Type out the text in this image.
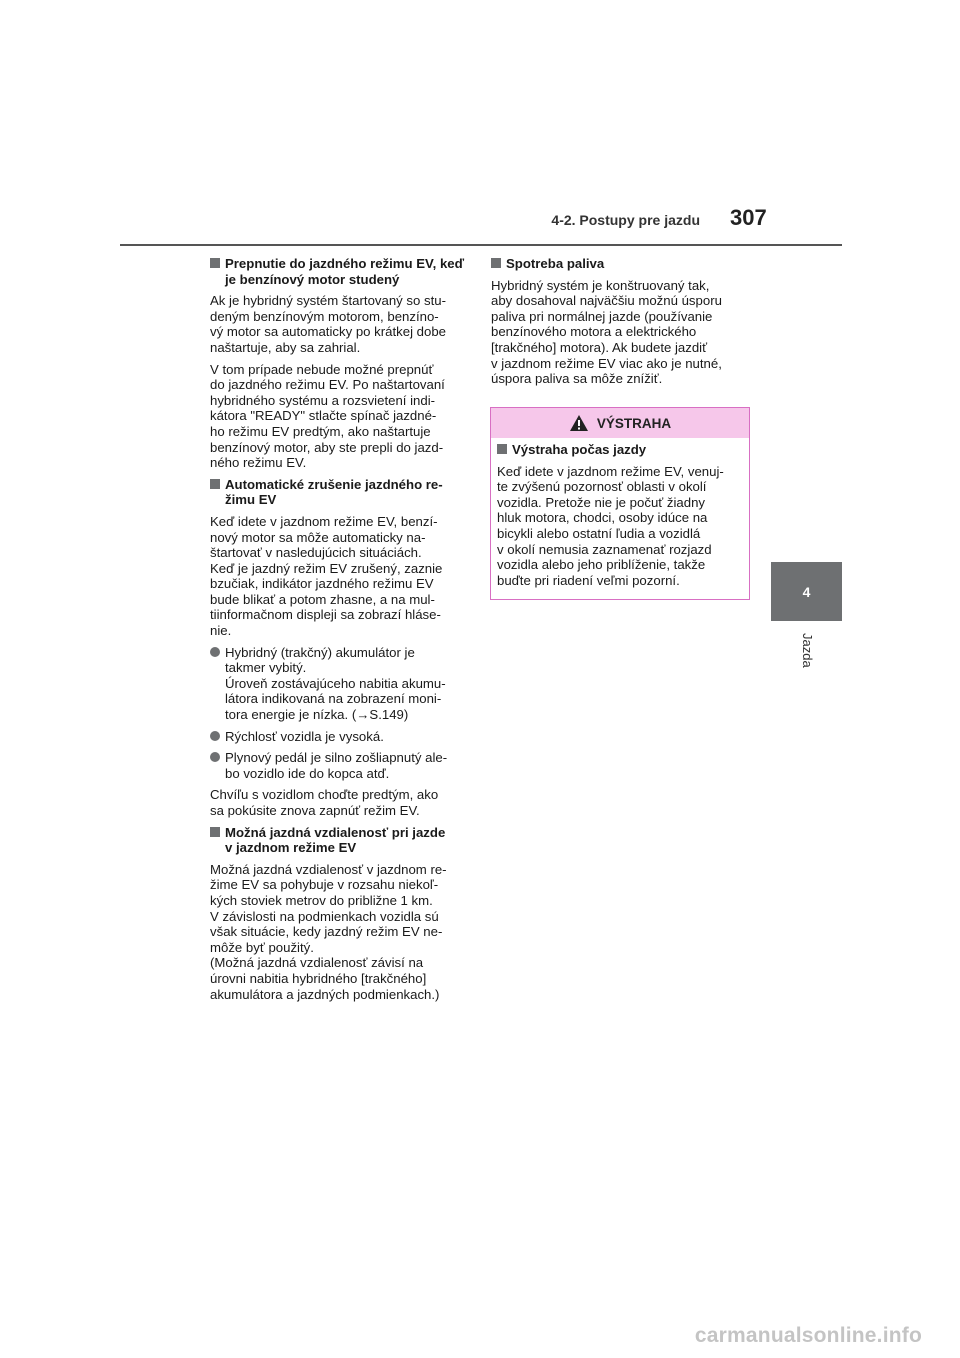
4-2. Postupy pre jazdu 307
4
Jazda
Prepnutie do jazdného režimu EV, keď je benzínový motor studený
Ak je hybridný systém štartovaný so stu-
deným benzínovým motorom, benzíno-
vý motor sa automaticky po krátkej dobe
naštartuje, aby sa zahrial.
V tom prípade nebude možné prepnúť
do jazdného režimu EV. Po naštartovaní
hybridného systému a rozsvietení indi-
kátora "READY" stlačte spínač jazdné-
ho režimu EV predtým, ako naštartuje
benzínový motor, aby ste prepli do jazd-
ného režimu EV.
Automatické zrušenie jazdného re-
žimu EV
Keď idete v jazdnom režime EV, benzí-
nový motor sa môže automaticky na-
štartovať v nasledujúcich situáciách.
Keď je jazdný režim EV zrušený, zaznie
bzučiak, indikátor jazdného režimu EV
bude blikať a potom zhasne, a na mul-
tiinformačnom displeji sa zobrazí hláse-
nie.
Hybridný (trakčný) akumulátor je
takmer vybitý.
Úroveň zostávajúceho nabitia akumu-
látora indikovaná na zobrazení moni-
tora energie je nízka. (→S.149)
Rýchlosť vozidla je vysoká.
Plynový pedál je silno zošliapnutý ale-
bo vozidlo ide do kopca atď.
Chvíľu s vozidlom choďte predtým, ako
sa pokúsite znova zapnúť režim EV.
Možná jazdná vzdialenosť pri jazde
v jazdnom režime EV
Možná jazdná vzdialenosť v jazdnom re-
žime EV sa pohybuje v rozsahu niekoľ-
kých stoviek metrov do približne 1 km.
V závislosti na podmienkach vozidla sú
však situácie, kedy jazdný režim EV ne-
môže byť použitý.
(Možná jazdná vzdialenosť závisí na
úrovni nabitia hybridného [trakčného]
akumulátora a jazdných podmienkach.)
Spotreba paliva
Hybridný systém je konštruovaný tak,
aby dosahoval najväčšiu možnú úsporu
paliva pri normálnej jazde (používanie
benzínového motora a elektrického
[trakčného] motora). Ak budete jazdiť
v jazdnom režime EV viac ako je nutné,
úspora paliva sa môže znížiť.
VÝSTRAHA
Výstraha počas jazdy
Keď idete v jazdnom režime EV, venuj-
te zvýšenú pozornosť oblasti v okolí
vozidla. Pretože nie je počuť žiadny
hluk motora, chodci, osoby idúce na
bicykli alebo ostatní ľudia a vozidlá
v okolí nemusia zaznamenať rozjazd
vozidla alebo jeho priblíženie, takže
buďte pri riadení veľmi pozorní.
carmanualsonline.info
